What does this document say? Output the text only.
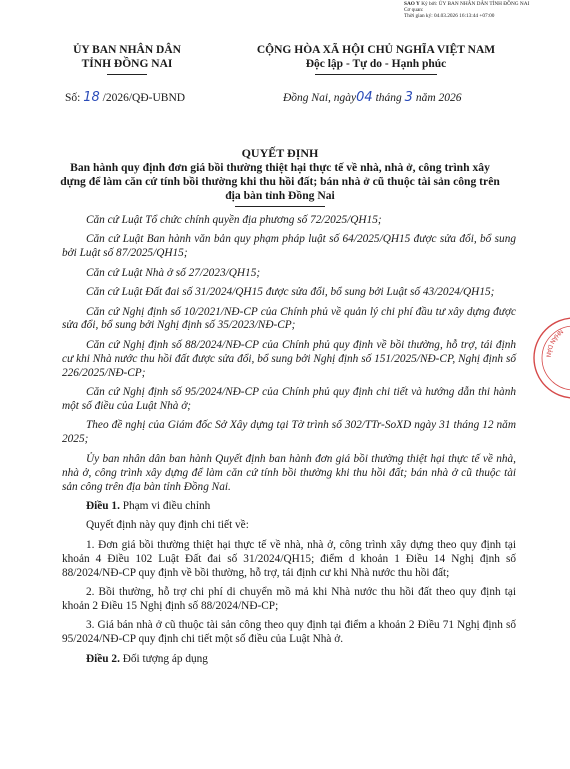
SAO Y Ký bởi: ỦY BAN NHÂN DÂN TỈNH ĐỒNG NAI
Cơ quan:
Thời gian ký: 04.03.2026 16:13:44 +07:00
ỦY BAN NHÂN DÂN
TỈNH ĐỒNG NAI
CỘNG HÒA XÃ HỘI CHỦ NGHĨA VIỆT NAM
Độc lập - Tự do - Hạnh phúc
Số: 18 /2026/QĐ-UBND	Đồng Nai, ngày04 tháng 3 năm 2026
QUYẾT ĐỊNH
Ban hành quy định đơn giá bồi thường thiệt hại thực tế về nhà, nhà ở, công trình xây dựng để làm căn cứ tính bồi thường khi thu hồi đất; bán nhà ở cũ thuộc tài sản công trên địa bàn tỉnh Đồng Nai

Căn cứ Luật Tổ chức chính quyền địa phương số 72/2025/QH15;

Căn cứ Luật Ban hành văn bản quy phạm pháp luật số 64/2025/QH15 được sửa đổi, bổ sung bởi Luật số 87/2025/QH15;

Căn cứ Luật Nhà ở số 27/2023/QH15;

Căn cứ Luật Đất đai số 31/2024/QH15 được sửa đổi, bổ sung bởi Luật số 43/2024/QH15;

Căn cứ Nghị định số 10/2021/NĐ-CP của Chính phủ về quản lý chi phí đầu tư xây dựng được sửa đổi, bổ sung bởi Nghị định số 35/2023/NĐ-CP;

Căn cứ Nghị định số 88/2024/NĐ-CP của Chính phủ quy định về bồi thường, hỗ trợ, tái định cư khi Nhà nước thu hồi đất được sửa đổi, bổ sung bởi Nghị định số 151/2025/NĐ-CP, Nghị định số 226/2025/NĐ-CP;

Căn cứ Nghị định số 95/2024/NĐ-CP của Chính phủ quy định chi tiết và hướng dẫn thi hành một số điều của Luật Nhà ở;

Theo đề nghị của Giám đốc Sở Xây dựng tại Tờ trình số 302/TTr-SoXD ngày 31 tháng 12 năm 2025;

Ủy ban nhân dân ban hành Quyết định ban hành đơn giá bồi thường thiệt hại thực tế về nhà, nhà ở, công trình xây dựng để làm căn cứ tính bồi thường khi thu hồi đất; bán nhà ở cũ thuộc tài sản công trên địa bàn tỉnh Đồng Nai.

Điều 1. Phạm vi điều chỉnh

Quyết định này quy định chi tiết về:

1. Đơn giá bồi thường thiệt hại thực tế về nhà, nhà ở, công trình xây dựng theo quy định tại khoản 4 Điều 102 Luật Đất đai số 31/2024/QH15; điểm d khoản 1 Điều 14 Nghị định số 88/2024/NĐ-CP quy định về bồi thường, hỗ trợ, tái định cư khi Nhà nước thu hồi đất;

2. Bồi thường, hỗ trợ chi phí di chuyển mồ mả khi Nhà nước thu hồi đất theo quy định tại khoản 2 Điều 15 Nghị định số 88/2024/NĐ-CP;

3. Giá bán nhà ở cũ thuộc tài sản công theo quy định tại điểm a khoản 2 Điều 71 Nghị định số 95/2024/NĐ-CP quy định chi tiết một số điều của Luật Nhà ở.

Điều 2. Đối tượng áp dụng

NHÂN DÂN
